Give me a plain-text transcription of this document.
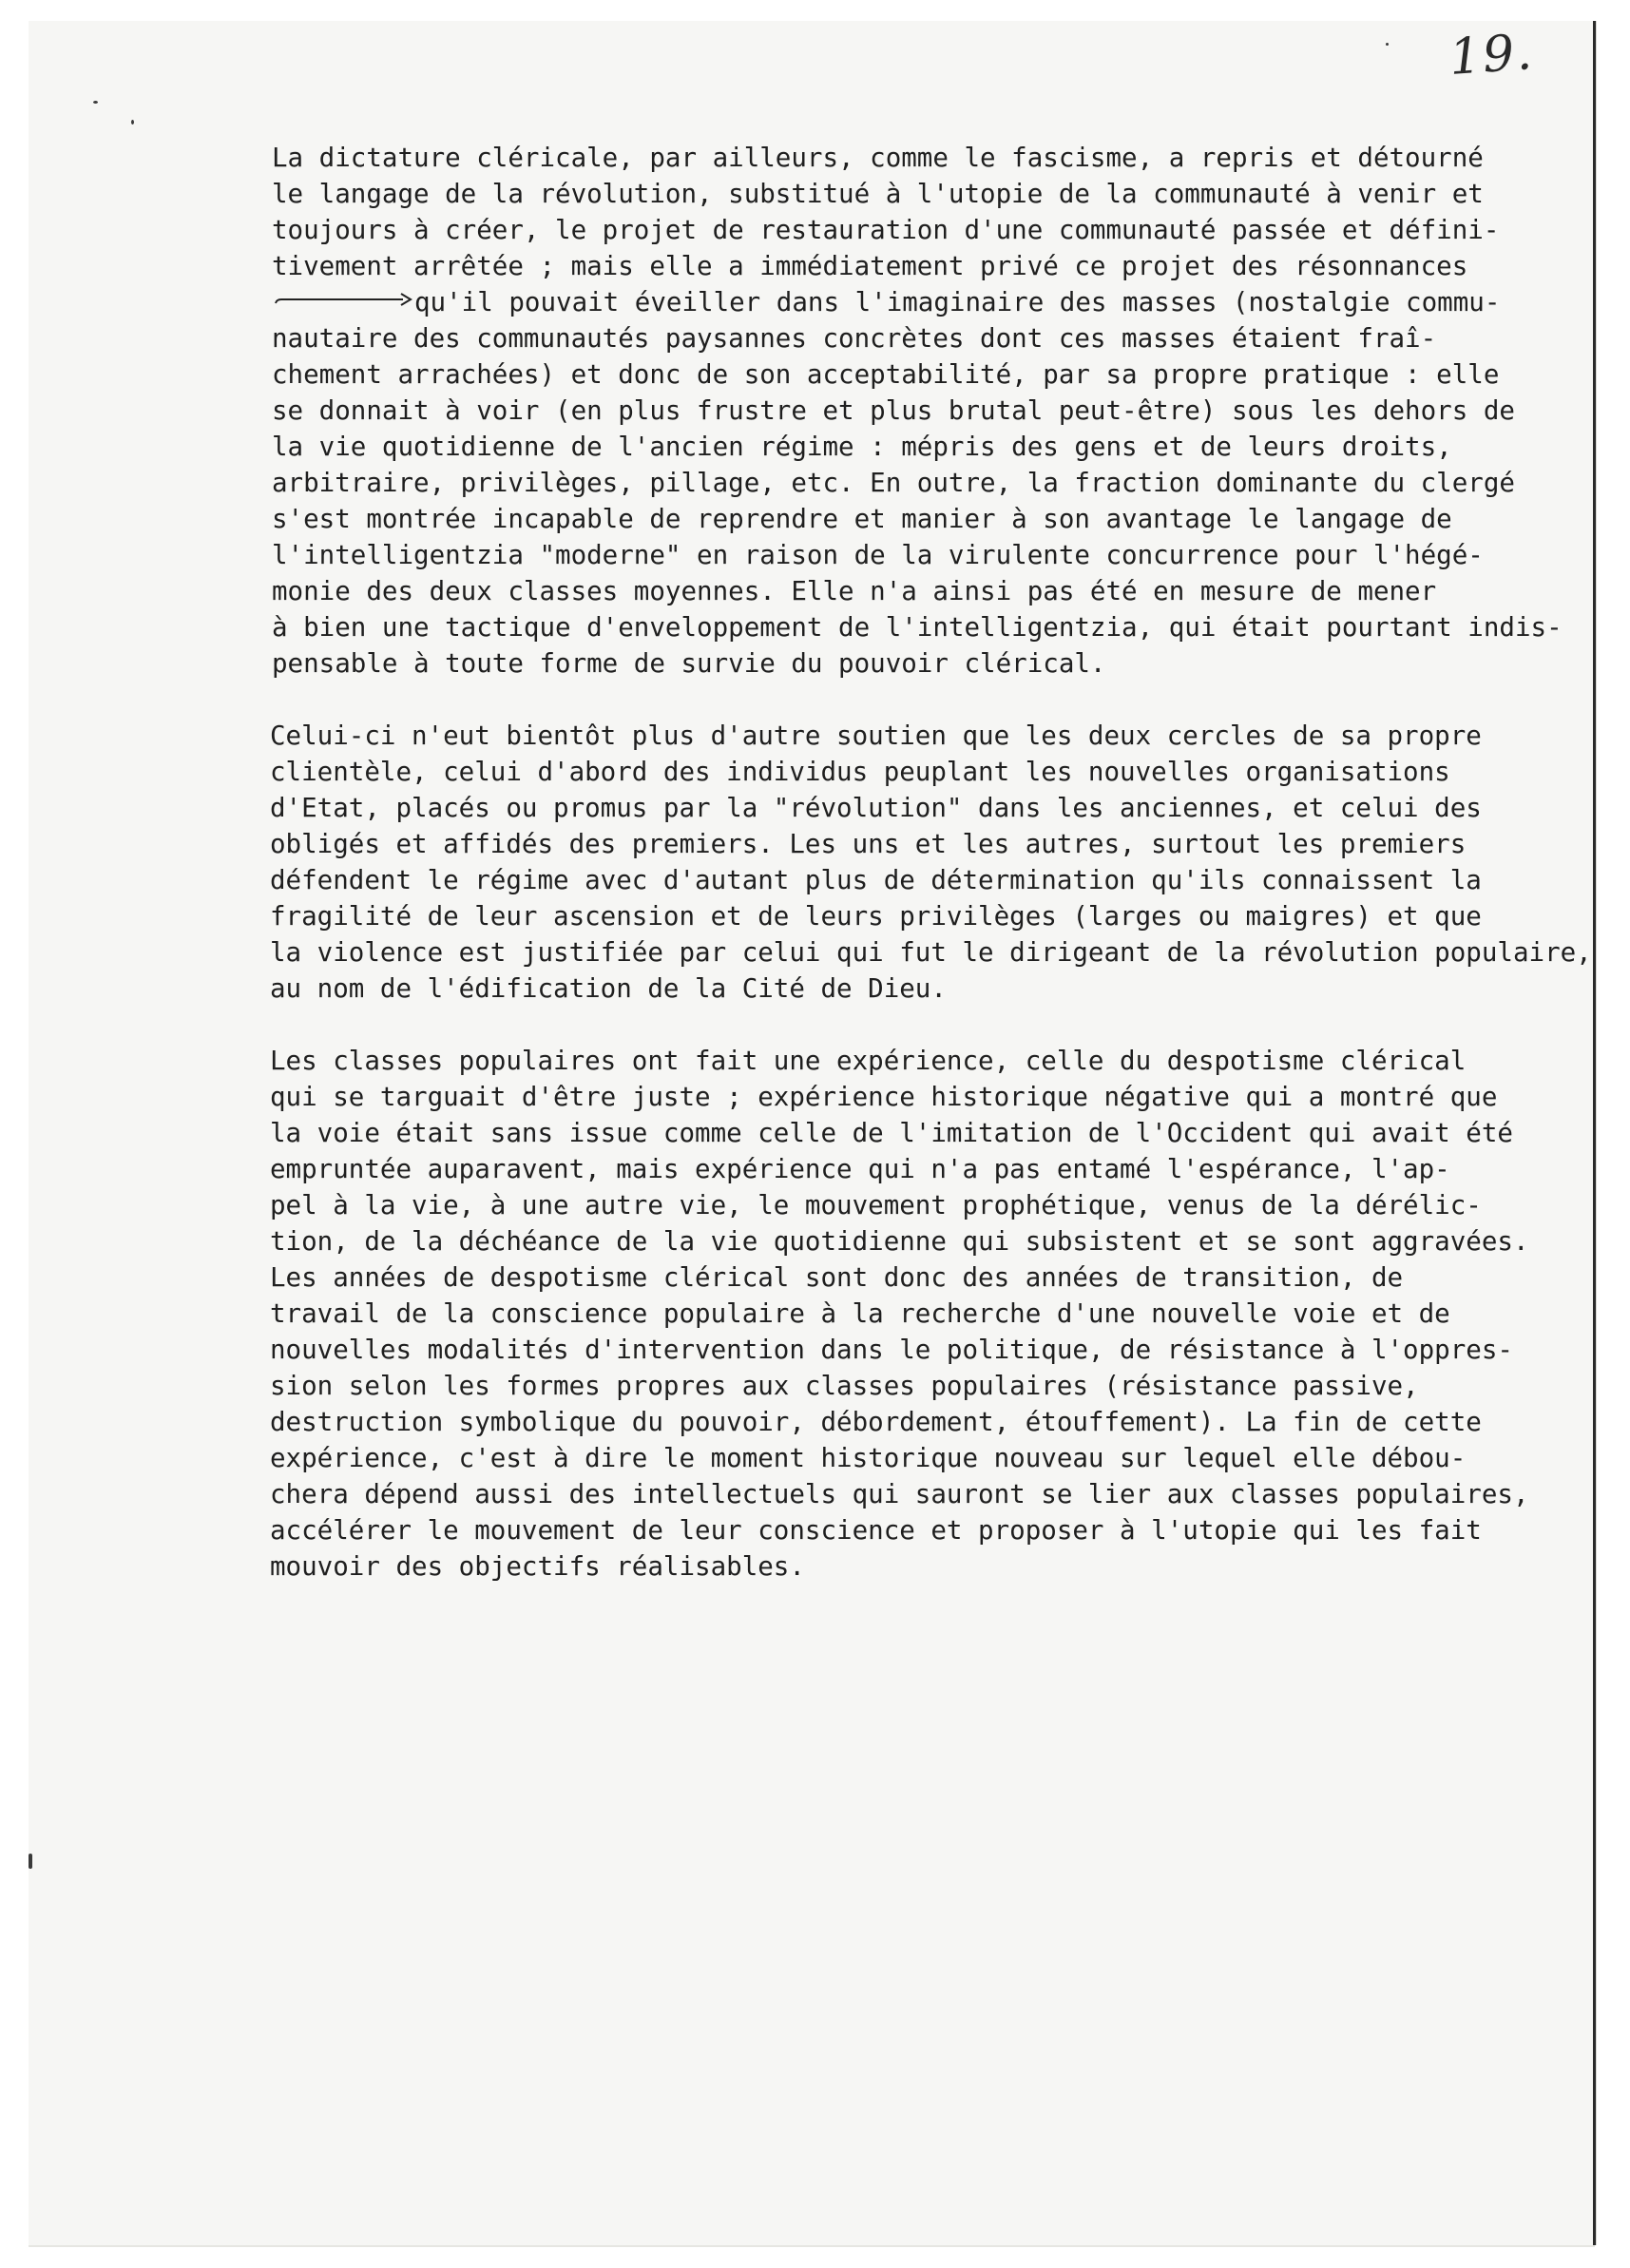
19.
La dictature cléricale, par ailleurs, comme le fascisme, a repris et détourné
le langage de la révolution, substitué à l'utopie de la communauté à venir et
toujours à créer, le projet de restauration d'une communauté passée et défini-
tivement arrêtée ; mais elle a immédiatement privé ce projet des résonnances
qu'il pouvait éveiller dans l'imaginaire des masses (nostalgie commu-
nautaire des communautés paysannes concrètes dont ces masses étaient fraî-
chement arrachées) et donc de son acceptabilité, par sa propre pratique : elle
se donnait à voir (en plus frustre et plus brutal peut-être) sous les dehors de
la vie quotidienne de l'ancien régime : mépris des gens et de leurs droits,
arbitraire, privilèges, pillage, etc. En outre, la fraction dominante du clergé
s'est montrée incapable de reprendre et manier à son avantage le langage de
l'intelligentzia "moderne" en raison de la virulente concurrence pour l'hégé-
monie des deux classes moyennes. Elle n'a ainsi pas été en mesure de mener
à bien une tactique d'enveloppement de l'intelligentzia, qui était pourtant indis-
pensable à toute forme de survie du pouvoir clérical.
Celui-ci n'eut bientôt plus d'autre soutien que les deux cercles de sa propre
clientèle, celui d'abord des individus peuplant les nouvelles organisations
d'Etat, placés ou promus par la "révolution" dans les anciennes, et celui des
obligés et affidés des premiers. Les uns et les autres, surtout les premiers
défendent le régime avec d'autant plus de détermination qu'ils connaissent la
fragilité de leur ascension et de leurs privilèges (larges ou maigres) et que
la violence est justifiée par celui qui fut le dirigeant de la révolution populaire,
au nom de l'édification de la Cité de Dieu.
Les classes populaires ont fait une expérience, celle du despotisme clérical
qui se targuait d'être juste ; expérience historique négative qui a montré que
la voie était sans issue comme celle de l'imitation de l'Occident qui avait été
empruntée auparavent, mais expérience qui n'a pas entamé l'espérance, l'ap-
pel à la vie, à une autre vie, le mouvement prophétique, venus de la dérélic-
tion, de la déchéance de la vie quotidienne qui subsistent et se sont aggravées.
Les années de despotisme clérical sont donc des années de transition, de
travail de la conscience populaire à la recherche d'une nouvelle voie et de
nouvelles modalités d'intervention dans le politique, de résistance à l'oppres-
sion selon les formes propres aux classes populaires (résistance passive,
destruction symbolique du pouvoir, débordement, étouffement). La fin de cette
expérience, c'est à dire le moment historique nouveau sur lequel elle débou-
chera dépend aussi des intellectuels qui sauront se lier aux classes populaires,
accélérer le mouvement de leur conscience et proposer à l'utopie qui les fait
mouvoir des objectifs réalisables.
